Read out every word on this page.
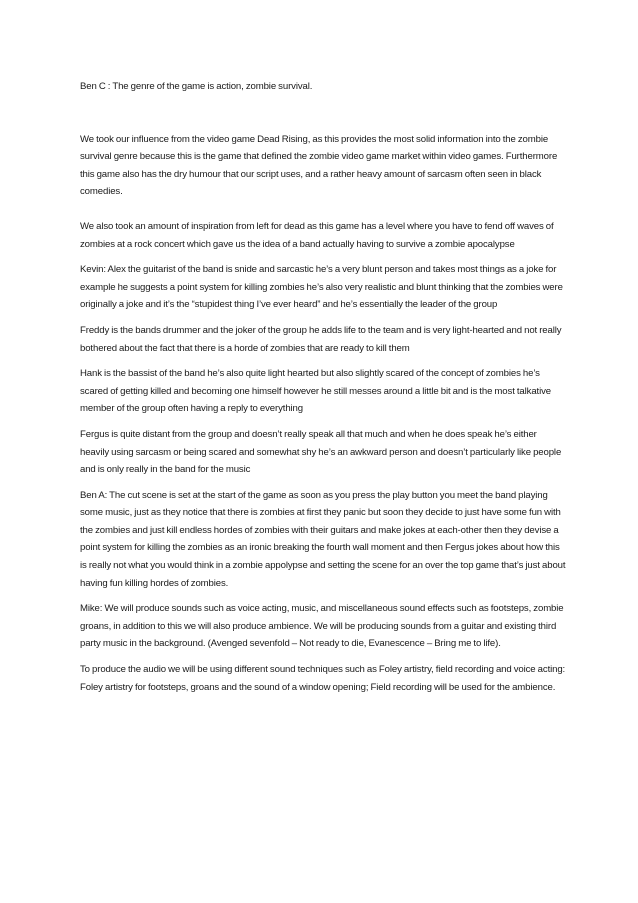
Ben C : The genre of the game is action, zombie survival.

We took our influence from the video game Dead Rising, as this provides the most solid information into the zombie survival genre because this is the game that defined the zombie video game market within video games. Furthermore this game also has the dry humour that our script uses, and a rather heavy amount of sarcasm often seen in black comedies.

We also took an amount of inspiration from left for dead as this game has a level where you have to fend off waves of zombies at a rock concert which gave us the idea of a band actually having to survive a zombie apocalypse

Kevin: Alex the guitarist of the band is snide and sarcastic he’s a very blunt person and takes most things as a joke for example he suggests a point system for killing zombies he’s also very realistic and blunt thinking that the zombies were originally a joke and it’s the “stupidest thing I’ve ever heard” and he’s essentially the leader of the group

Freddy is the bands drummer and the joker of the group he adds life to the team and is very light-hearted and not really bothered about the fact that there is a horde of zombies that are ready to kill them

Hank is the bassist of the band he’s also quite light hearted but also slightly scared of the concept of zombies he’s scared of getting killed and becoming one himself however he still messes around a little bit and is the most talkative member of the group often having a reply to everything

Fergus is quite distant from the group and doesn’t really speak all that much and when he does speak he’s either heavily using sarcasm or being scared and somewhat shy he’s an awkward person and doesn’t particularly like people and is only really in the band for the music

Ben A: The cut scene is set at the start of the game as soon as you press the play button you meet the band playing some music, just as they notice that there is zombies at first they panic but soon they decide to just have some fun with the zombies and just kill endless hordes of zombies with their guitars and make jokes at each-other then they devise a point system for killing the zombies as an ironic breaking the fourth wall moment and then Fergus jokes about how this is really not what you would think in a zombie appolypse and setting the scene for an over the top game that’s just about having fun killing hordes of zombies.

Mike: We will produce sounds such as voice acting, music, and miscellaneous sound effects such as footsteps, zombie groans, in addition to this we will also produce ambience. We will be producing sounds from a guitar and existing third party music in the background. (Avenged sevenfold – Not ready to die, Evanescence – Bring me to life).

To produce the audio we will be using different sound techniques such as Foley artistry, field recording and voice acting: Foley artistry for footsteps, groans and the sound of a window opening; Field recording will be used for the ambience.
